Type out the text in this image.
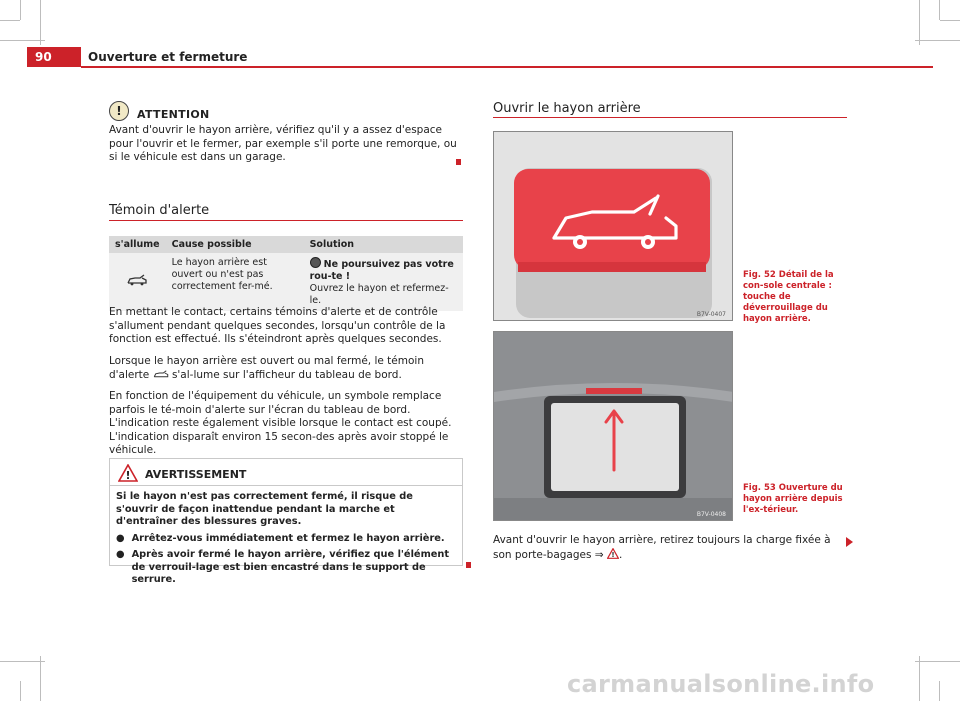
90	Ouverture et fermeture
!	ATTENTION
Avant d'ouvrir le hayon arrière, vérifiez qu'il y a assez d'espace pour l'ouvrir et le fermer, par exemple s'il porte une remorque, ou si le véhicule est dans un garage.
Témoin d'alerte
s'allume	Cause possible	Solution
	Le hayon arrière est ouvert ou n'est pas correctement fer-mé.	Ne poursuivez pas votre rou-te !
Ouvrez le hayon et refermez-le.
En mettant le contact, certains témoins d'alerte et de contrôle s'allument pendant quelques secondes, lorsqu'un contrôle de la fonction est effectué. Ils s'éteindront après quelques secondes.
Lorsque le hayon arrière est ouvert ou mal fermé, le témoin d'alerte s'al-lume sur l'afficheur du tableau de bord.
En fonction de l'équipement du véhicule, un symbole remplace parfois le té-moin d'alerte sur l'écran du tableau de bord. L'indication reste également visible lorsque le contact est coupé. L'indication disparaît environ 15 secon-des après avoir stoppé le véhicule.
! AVERTISSEMENT

Si le hayon n'est pas correctement fermé, il risque de s'ouvrir de façon inattendue pendant la marche et d'entraîner des blessures graves.

● Arrêtez-vous immédiatement et fermez le hayon arrière.
● Après avoir fermé le hayon arrière, vérifiez que l'élément de verrouil-lage est bien encastré dans le support de serrure.
Ouvrir le hayon arrière
B7V-0407
Fig. 52 Détail de la con-sole centrale : touche de déverrouillage du hayon arrière.
B7V-0408
Fig. 53 Ouverture du hayon arrière depuis l'ex-térieur.
Avant d'ouvrir le hayon arrière, retirez toujours la charge fixée à son porte-bagages ⇒ ! .
carmanualsonline.info
